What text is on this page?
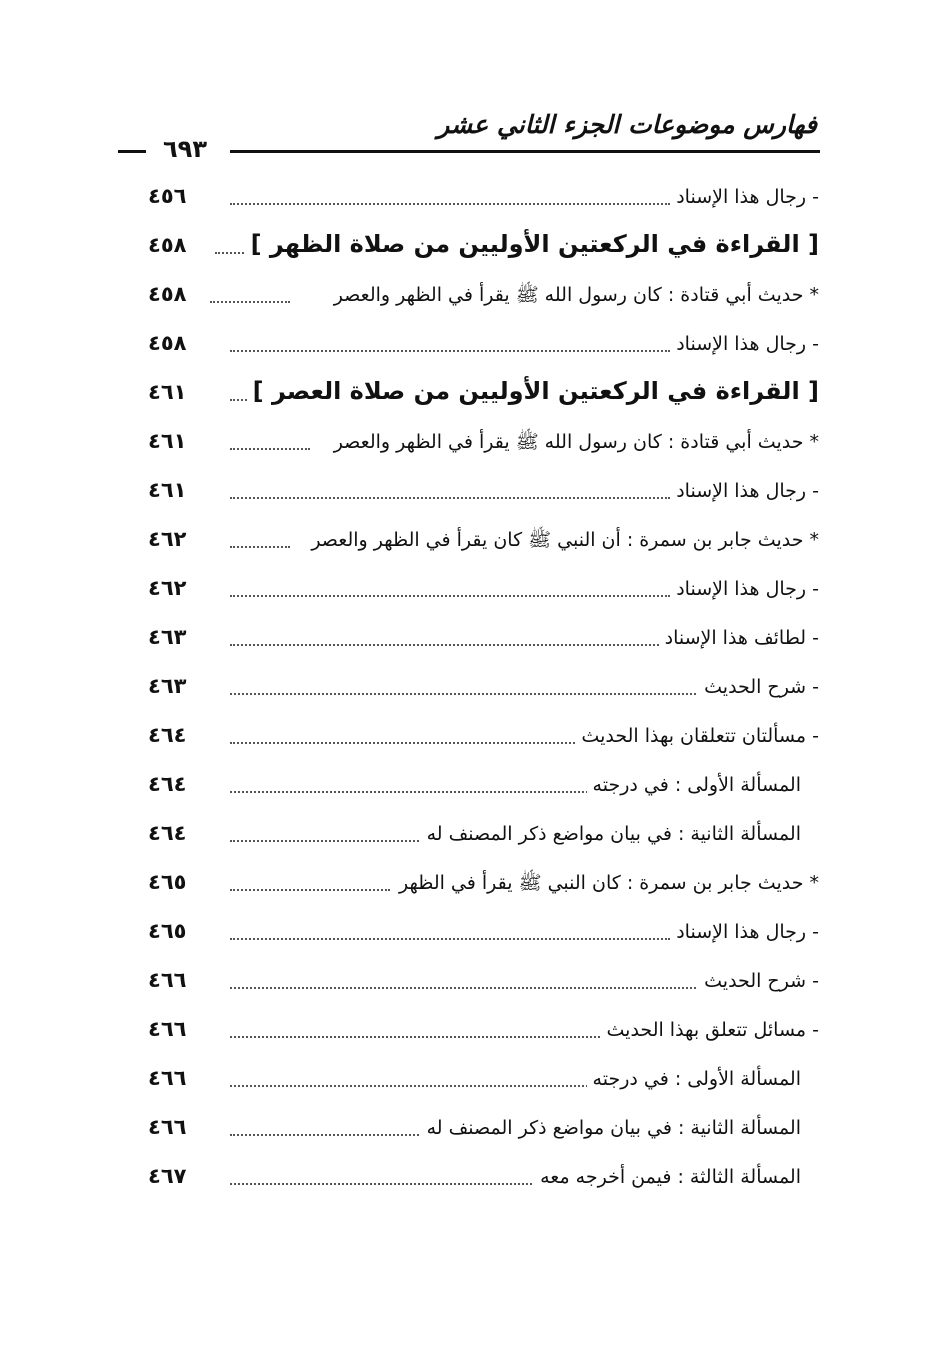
فهارس موضوعات الجزء الثاني عشر
٦٩٣
- رجال هذا الإسناد
٤٥٦
[ القراءة في الركعتين الأوليين من صلاة الظهر ]
٤٥٨
* حديث أبي قتادة : كان رسول الله ﷺ يقرأ في الظهر والعصر
٤٥٨
- رجال هذا الإسناد
٤٥٨
[ القراءة في الركعتين الأوليين من صلاة العصر ]
٤٦١
* حديث أبي قتادة : كان رسول الله ﷺ يقرأ في الظهر والعصر
٤٦١
- رجال هذا الإسناد
٤٦١
* حديث جابر بن سمرة : أن النبي ﷺ كان يقرأ في الظهر والعصر
٤٦٢
- رجال هذا الإسناد
٤٦٢
- لطائف هذا الإسناد
٤٦٣
- شرح الحديث
٤٦٣
- مسألتان تتعلقان بهذا الحديث
٤٦٤
المسألة الأولى : في درجته
٤٦٤
المسألة الثانية : في بيان مواضع ذكر المصنف له
٤٦٤
* حديث جابر بن سمرة : كان النبي ﷺ يقرأ في الظهر
٤٦٥
- رجال هذا الإسناد
٤٦٥
- شرح الحديث
٤٦٦
- مسائل تتعلق بهذا الحديث
٤٦٦
المسألة الأولى : في درجته
٤٦٦
المسألة الثانية : في بيان مواضع ذكر المصنف له
٤٦٦
المسألة الثالثة : فيمن أخرجه معه
٤٦٧
